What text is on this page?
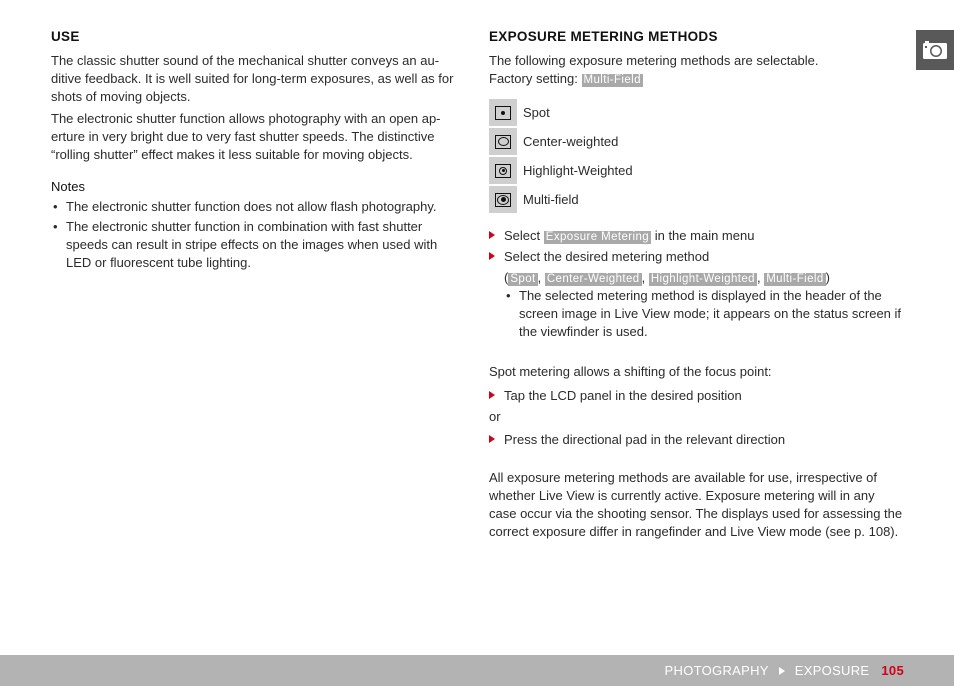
USE

The classic shutter sound of the mechanical shutter conveys an au-ditive feedback. It is well suited for long-term exposures, as well as for shots of moving objects.

The electronic shutter function allows photography with an open ap-erture in very bright due to very fast shutter speeds. The distinctive “rolling shutter” effect makes it less suitable for moving objects.

Notes
• The electronic shutter function does not allow flash photography.
• The electronic shutter function in combination with fast shutter speeds can result in stripe effects on the images when used with LED or fluorescent tube lighting.
EXPOSURE METERING METHODS

The following exposure metering methods are selectable.

Factory setting: Multi-Field

Spot
Center-weighted
Highlight-Weighted
Multi-field
Select Exposure Metering in the main menu
Select the desired metering method
( Spot , Center-Weighted , Highlight-Weighted , Multi-Field )
• The selected metering method is displayed in the header of the screen image in Live View mode; it appears on the status screen if the viewfinder is used.

Spot metering allows a shifting of the focus point:

Tap the LCD panel in the desired position

or

Press the directional pad in the relevant direction

All exposure metering methods are available for use, irrespective of whether Live View is currently active. Exposure metering will in any case occur via the shooting sensor. The displays used for assessing the correct exposure differ in rangefinder and Live View mode (see p. 108).

PHOTOGRAPHY EXPOSURE 105
